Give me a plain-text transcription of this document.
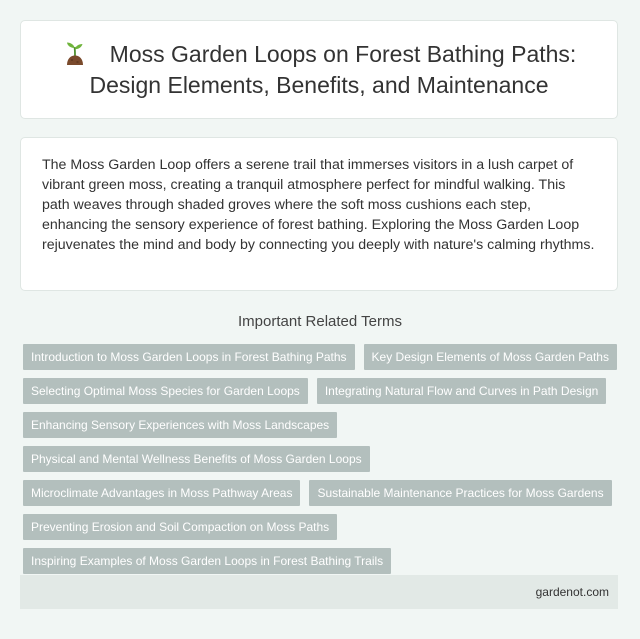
Moss Garden Loops on Forest Bathing Paths:
Design Elements, Benefits, and Maintenance

The Moss Garden Loop offers a serene trail that immerses visitors in a lush carpet of vibrant green moss, creating a tranquil atmosphere perfect for mindful walking. This path weaves through shaded groves where the soft moss cushions each step, enhancing the sensory experience of forest bathing. Exploring the Moss Garden Loop rejuvenates the mind and body by connecting you deeply with nature's calming rhythms.

Important Related Terms
Introduction to Moss Garden Loops in Forest Bathing Paths	Key Design Elements of Moss Garden Paths
Selecting Optimal Moss Species for Garden Loops	Integrating Natural Flow and Curves in Path Design
Enhancing Sensory Experiences with Moss Landscapes
Physical and Mental Wellness Benefits of Moss Garden Loops
Microclimate Advantages in Moss Pathway Areas	Sustainable Maintenance Practices for Moss Gardens
Preventing Erosion and Soil Compaction on Moss Paths
Inspiring Examples of Moss Garden Loops in Forest Bathing Trails
gardenot.com
